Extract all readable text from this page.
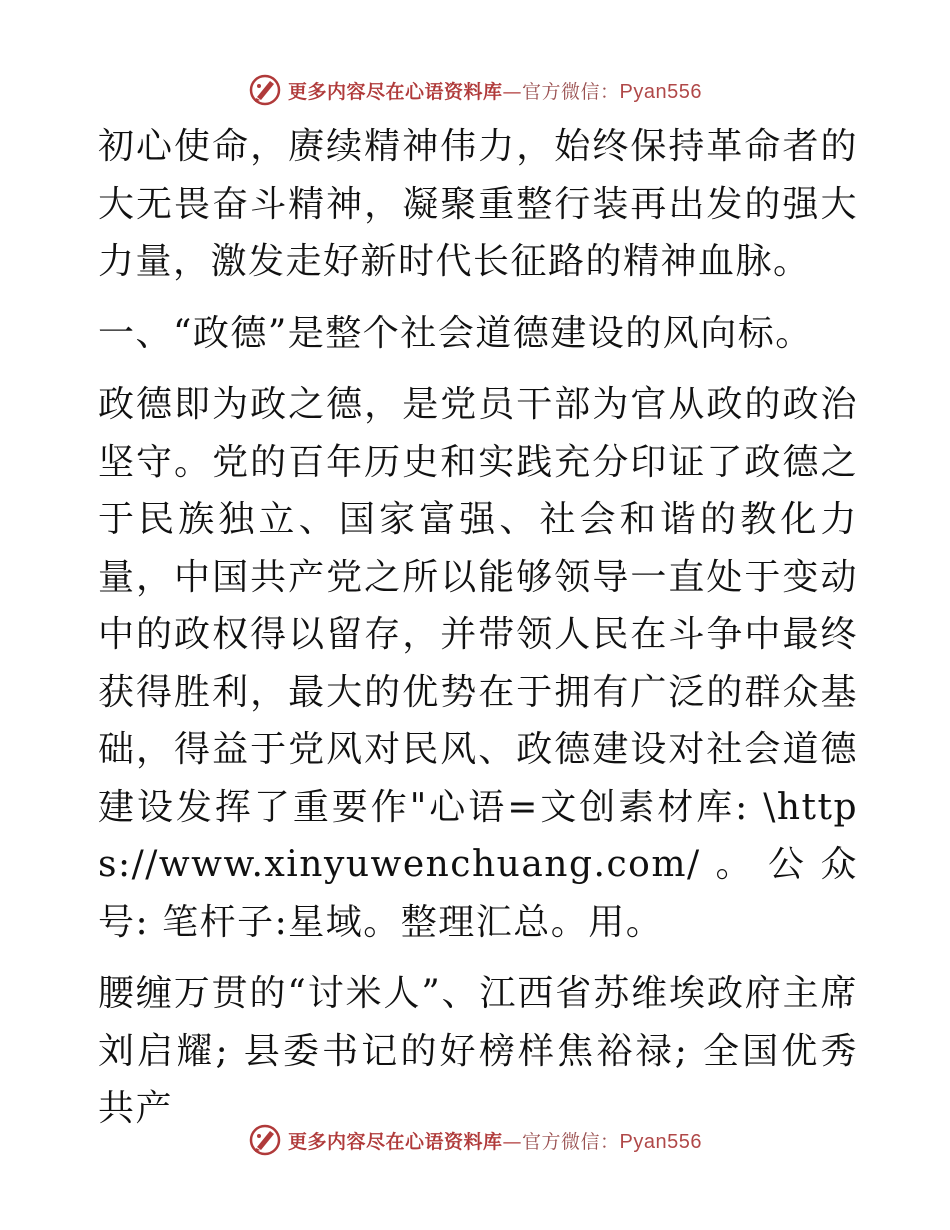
更多内容尽在心语资料库—官方微信：Pyan556

初心使命，赓续精神伟力，始终保持革命者的大无畏奋斗精神，凝聚重整行装再出发的强大力量，激发走好新时代长征路的精神血脉。

一、“政德”是整个社会道德建设的风向标。

政德即为政之德，是党员干部为官从政的政治坚守。党的百年历史和实践充分印证了政德之于民族独立、国家富强、社会和谐的教化力量，中国共产党之所以能够领导一直处于变动中的政权得以留存，并带领人民在斗争中最终获得胜利，最大的优势在于拥有广泛的群众基础，得益于党风对民风、政德建设对社会道德建设发挥了重要作"心语=文创素材库: \https://www.xinyuwenchuang.com/。公众号: 笔杆子:星域。整理汇总。用。

腰缠万贯的“讨米人”、江西省苏维埃政府主席刘启耀; 县委书记的好榜样焦裕禄; 全国优秀共产

更多内容尽在心语资料库—官方微信：Pyan556
